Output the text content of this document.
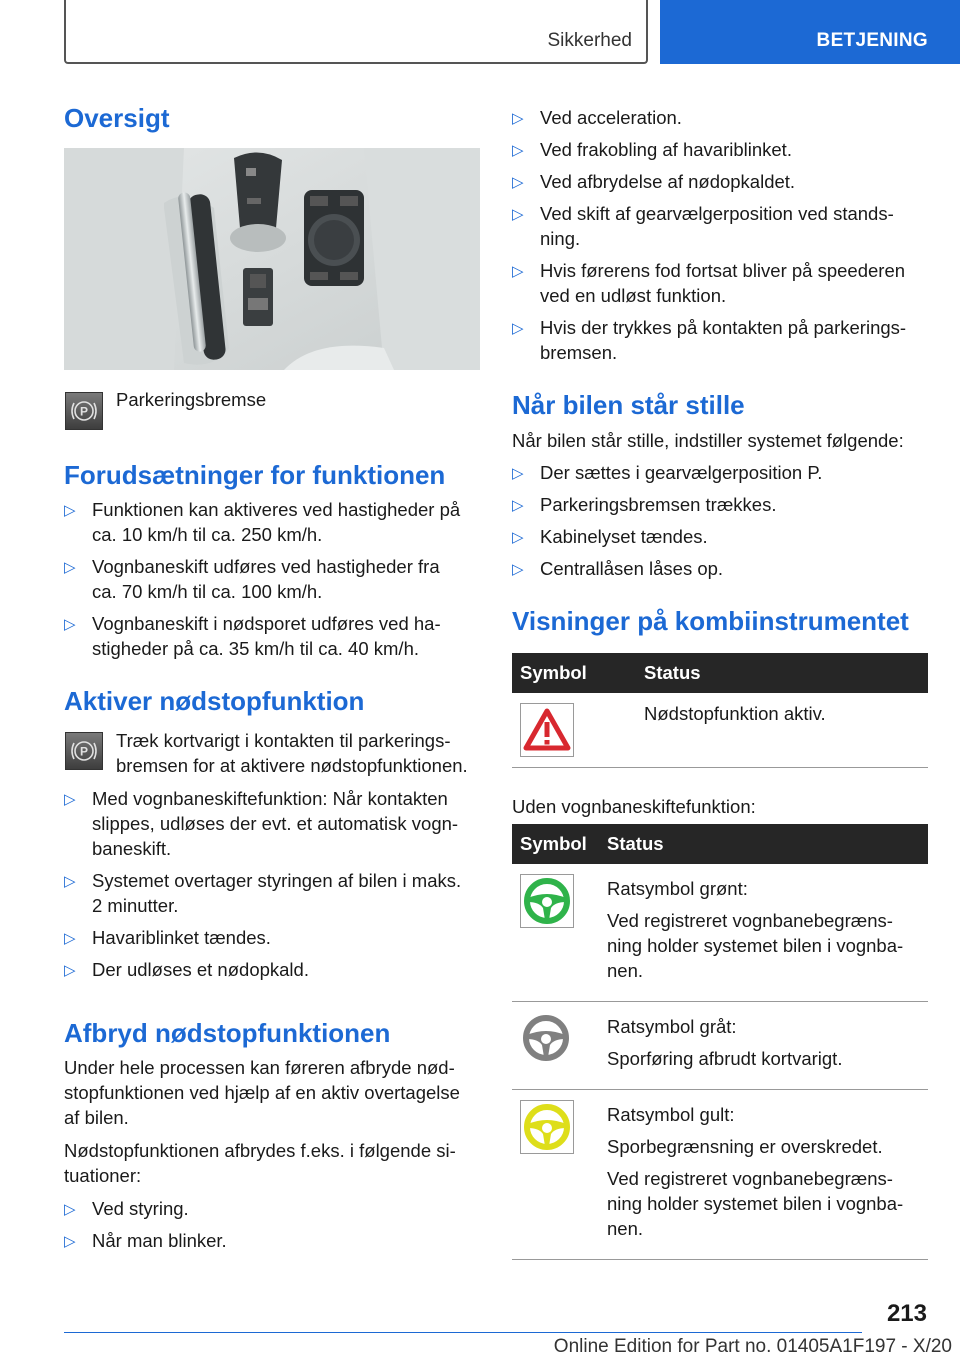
Sikkerhed	BETJENING
Oversigt
P
Parkeringsbremse
Forudsætninger for funktionen
▷ Funktionen kan aktiveres ved hastigheder på
ca. 10 km/h til ca. 250 km/h.
▷ Vognbaneskift udføres ved hastigheder fra
ca. 70 km/h til ca. 100 km/h.
▷ Vognbaneskift i nødsporet udføres ved ha-
stigheder på ca. 35 km/h til ca. 40 km/h.
Aktiver nødstopfunktion
P
Træk kortvarigt i kontakten til parkerings-
bremsen for at aktivere nødstopfunktionen.
▷ Med vognbaneskiftefunktion: Når kontakten
slippes, udløses der evt. et automatisk vogn-
baneskift.
▷ Systemet overtager styringen af bilen i maks.
2 minutter.
▷ Havariblinket tændes.
▷ Der udløses et nødopkald.
Afbryd nødstopfunktionen
Under hele processen kan føreren afbryde nød-
stopfunktionen ved hjælp af en aktiv overtagelse
af bilen.
Nødstopfunktionen afbrydes f.eks. i følgende si-
tuationer:
▷ Ved styring.
▷ Når man blinker.
▷ Ved acceleration.
▷ Ved frakobling af havariblinket.
▷ Ved afbrydelse af nødopkaldet.
▷ Ved skift af gearvælgerposition ved stands-
ning.
▷ Hvis førerens fod fortsat bliver på speederen
ved en udløst funktion.
▷ Hvis der trykkes på kontakten på parkerings-
bremsen.
Når bilen står stille
Når bilen står stille, indstiller systemet følgende:
▷ Der sættes i gearvælgerposition P.
▷ Parkeringsbremsen trækkes.
▷ Kabinelyset tændes.
▷ Centrallåsen låses op.
Visninger på kombiinstrumentet
Symbol	Status
Nødstopfunktion aktiv.
Uden vognbaneskiftefunktion:
Symbol Status
Ratsymbol grønt:
Ved registreret vognbanebegræns-
ning holder systemet bilen i vognba-
nen.
Ratsymbol gråt:
Sporføring afbrudt kortvarigt.
Ratsymbol gult:
Sporbegrænsning er overskredet.
Ved registreret vognbanebegræns-
ning holder systemet bilen i vognba-
nen.
213
Online Edition for Part no. 01405A1F197 - X/20
